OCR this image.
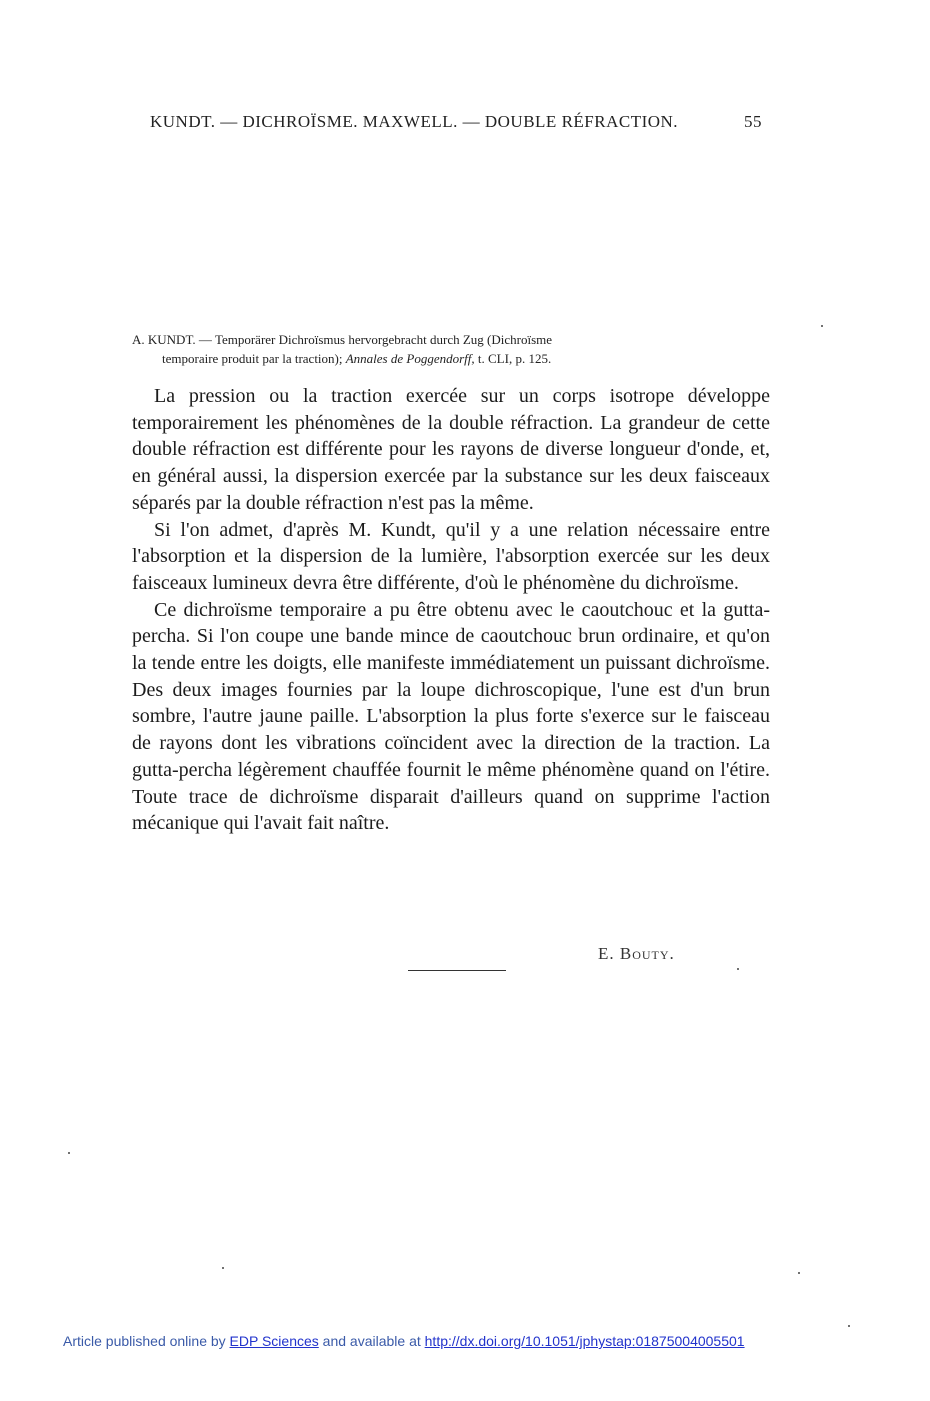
KUNDT. — DICHROÏSME. MAXWELL. — DOUBLE RÉFRACTION.	55
A. KUNDT. — Temporärer Dichroïsmus hervorgebracht durch Zug (Dichroïsme
temporaire produit par la traction); Annales de Poggendorff, t. CLI, p. 125.

La pression ou la traction exercée sur un corps isotrope développe temporairement les phénomènes de la double réfraction. La grandeur de cette double réfraction est différente pour les rayons de diverse longueur d'onde, et, en général aussi, la dispersion exercée par la substance sur les deux faisceaux séparés par la double réfraction n'est pas la même.

Si l'on admet, d'après M. Kundt, qu'il y a une relation nécessaire entre l'absorption et la dispersion de la lumière, l'absorption exercée sur les deux faisceaux lumineux devra être différente, d'où le phénomène du dichroïsme.

Ce dichroïsme temporaire a pu être obtenu avec le caoutchouc et la gutta-percha. Si l'on coupe une bande mince de caoutchouc brun ordinaire, et qu'on la tende entre les doigts, elle manifeste immédiatement un puissant dichroïsme. Des deux images fournies par la loupe dichroscopique, l'une est d'un brun sombre, l'autre jaune paille. L'absorption la plus forte s'exerce sur le faisceau de rayons dont les vibrations coïncident avec la direction de la traction. La gutta-percha légèrement chauffée fournit le même phénomène quand on l'étire. Toute trace de dichroïsme disparait d'ailleurs quand on supprime l'action mécanique qui l'avait fait naître.

E. Bouty.
Article published online by EDP Sciences and available at http://dx.doi.org/10.1051/jphystap:01875004005501
